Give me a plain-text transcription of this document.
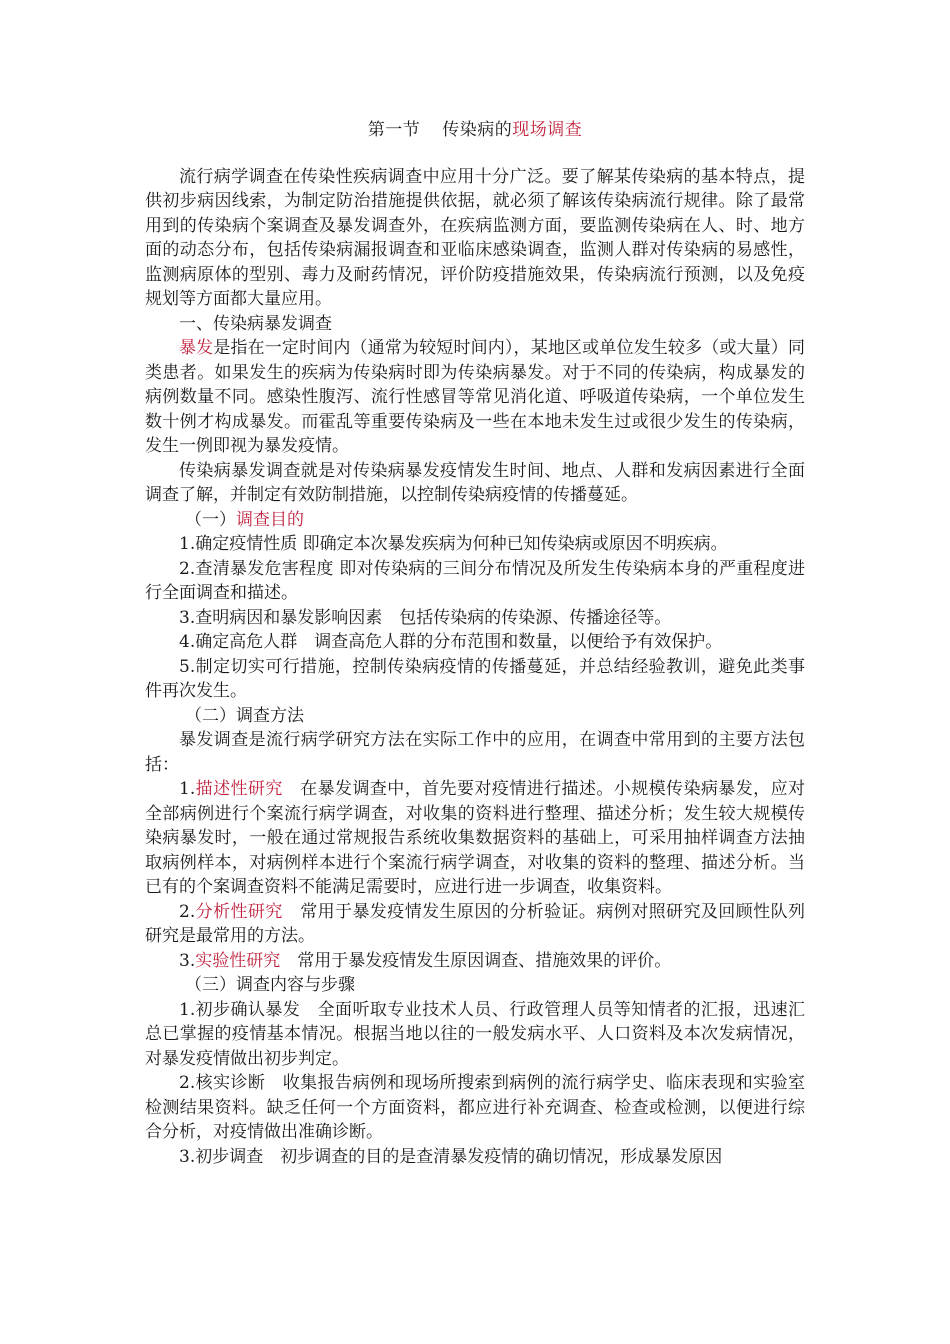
第一节 传染病的现场调查

流行病学调查在传染性疾病调查中应用十分广泛。要了解某传染病的基本特点，提供初步病因线索，为制定防治措施提供依据，就必须了解该传染病流行规律。除了最常用到的传染病个案调查及暴发调查外，在疾病监测方面，要监测传染病在人、时、地方面的动态分布，包括传染病漏报调查和亚临床感染调查，监测人群对传染病的易感性，监测病原体的型别、毒力及耐药情况，评价防疫措施效果，传染病流行预测，以及免疫规划等方面都大量应用。

一、传染病暴发调查

暴发是指在一定时间内（通常为较短时间内），某地区或单位发生较多（或大量）同类患者。如果发生的疾病为传染病时即为传染病暴发。对于不同的传染病，构成暴发的病例数量不同。感染性腹泻、流行性感冒等常见消化道、呼吸道传染病，一个单位发生数十例才构成暴发。而霍乱等重要传染病及一些在本地未发生过或很少发生的传染病，发生一例即视为暴发疫情。

传染病暴发调查就是对传染病暴发疫情发生时间、地点、人群和发病因素进行全面调查了解，并制定有效防制措施，以控制传染病疫情的传播蔓延。

（一）调查目的

1.确定疫情性质 即确定本次暴发疾病为何种已知传染病或原因不明疾病。

2.查清暴发危害程度 即对传染病的三间分布情况及所发生传染病本身的严重程度进行全面调查和描述。

3.查明病因和暴发影响因素 包括传染病的传染源、传播途径等。

4.确定高危人群 调查高危人群的分布范围和数量，以便给予有效保护。

5.制定切实可行措施，控制传染病疫情的传播蔓延，并总结经验教训，避免此类事件再次发生。

（二）调查方法

暴发调查是流行病学研究方法在实际工作中的应用，在调查中常用到的主要方法包括：

1.描述性研究 在暴发调查中，首先要对疫情进行描述。小规模传染病暴发，应对全部病例进行个案流行病学调查，对收集的资料进行整理、描述分析；发生较大规模传染病暴发时，一般在通过常规报告系统收集数据资料的基础上，可采用抽样调查方法抽取病例样本，对病例样本进行个案流行病学调查，对收集的资料的整理、描述分析。当已有的个案调查资料不能满足需要时，应进行进一步调查，收集资料。

2.分析性研究 常用于暴发疫情发生原因的分析验证。病例对照研究及回顾性队列研究是最常用的方法。

3.实验性研究 常用于暴发疫情发生原因调查、措施效果的评价。

（三）调查内容与步骤

1.初步确认暴发 全面听取专业技术人员、行政管理人员等知情者的汇报，迅速汇总已掌握的疫情基本情况。根据当地以往的一般发病水平、人口资料及本次发病情况，对暴发疫情做出初步判定。

2.核实诊断 收集报告病例和现场所搜索到病例的流行病学史、临床表现和实验室检测结果资料。缺乏任何一个方面资料，都应进行补充调查、检查或检测，以便进行综合分析，对疫情做出准确诊断。

3.初步调查 初步调查的目的是查清暴发疫情的确切情况，形成暴发原因
